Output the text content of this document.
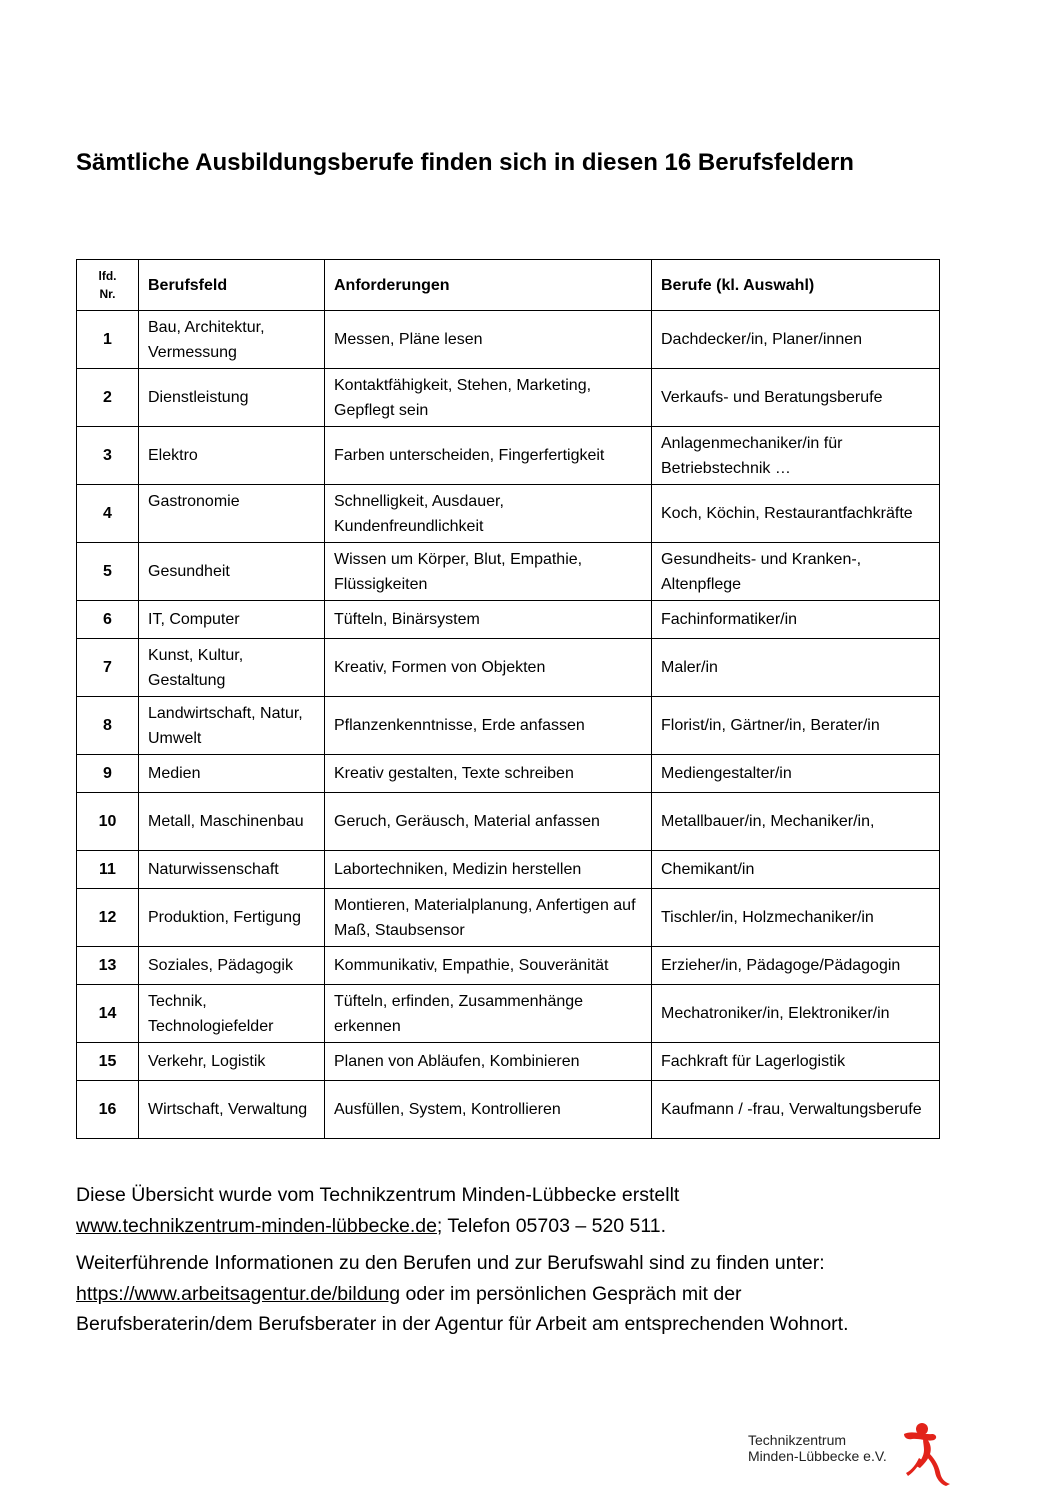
Sämtliche Ausbildungsberufe finden sich in diesen 16 Berufsfeldern
lfd.
Nr.	Berufsfeld	Anforderungen	Berufe (kl. Auswahl)
1	Bau, Architektur, Vermessung	Messen, Pläne lesen	Dachdecker/in, Planer/innen
2	Dienstleistung	Kontaktfähigkeit, Stehen, Marketing, Gepflegt sein	Verkaufs- und Beratungsberufe
3	Elektro	Farben unterscheiden, Fingerfertigkeit	Anlagenmechaniker/in für Betriebstechnik …
4	Gastronomie	Schnelligkeit, Ausdauer, Kundenfreundlichkeit	Koch, Köchin, Restaurantfachkräfte
5	Gesundheit	Wissen um Körper, Blut, Empathie, Flüssigkeiten	Gesundheits- und Kranken-, Altenpflege
6	IT, Computer	Tüfteln, Binärsystem	Fachinformatiker/in
7	Kunst, Kultur, Gestaltung	Kreativ, Formen von Objekten	Maler/in
8	Landwirtschaft, Natur, Umwelt	Pflanzenkenntnisse, Erde anfassen	Florist/in, Gärtner/in, Berater/in
9	Medien	Kreativ gestalten, Texte schreiben	Mediengestalter/in
10	Metall, Maschinenbau	Geruch, Geräusch, Material anfassen	Metallbauer/in, Mechaniker/in,
11	Naturwissenschaft	Labortechniken, Medizin herstellen	Chemikant/in
12	Produktion, Fertigung	Montieren, Materialplanung, Anfertigen auf Maß, Staubsensor	Tischler/in, Holzmechaniker/in
13	Soziales, Pädagogik	Kommunikativ, Empathie, Souveränität	Erzieher/in, Pädagoge/Pädagogin
14	Technik, Technologiefelder	Tüfteln, erfinden, Zusammenhänge erkennen	Mechatroniker/in, Elektroniker/in
15	Verkehr, Logistik	Planen von Abläufen, Kombinieren	Fachkraft für Lagerlogistik
16	Wirtschaft, Verwaltung	Ausfüllen, System, Kontrollieren	Kaufmann / -frau, Verwaltungsberufe

Diese Übersicht wurde vom Technikzentrum Minden-Lübbecke erstellt
www.technikzentrum-minden-lübbecke.de; Telefon 05703 – 520 511.

Weiterführende Informationen zu den Berufen und zur Berufswahl sind zu finden unter:
https://www.arbeitsagentur.de/bildung oder im persönlichen Gespräch mit der
Berufsberaterin/dem Berufsberater in der Agentur für Arbeit am entsprechenden Wohnort.

Technikzentrum
Minden-Lübbecke e.V.
